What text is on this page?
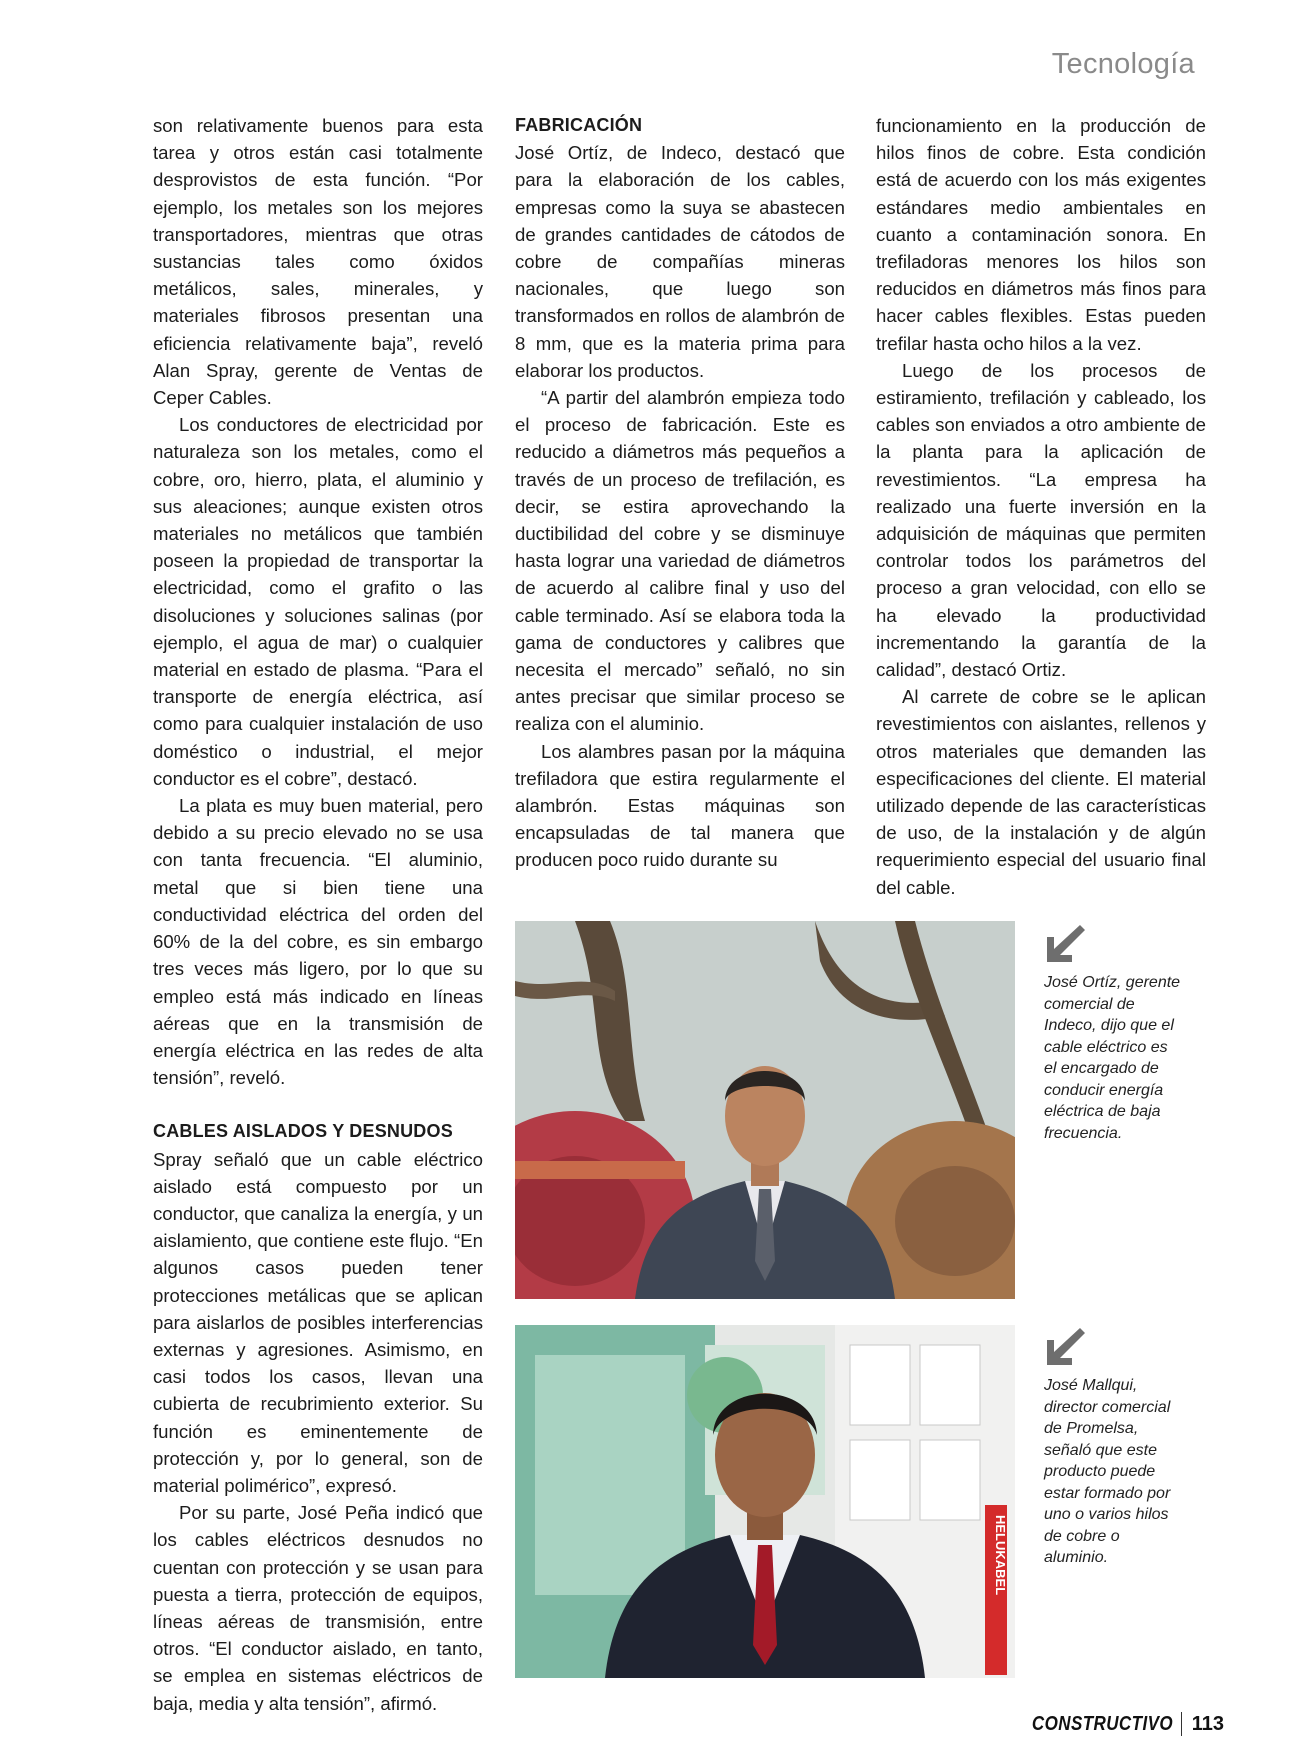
Tecnología

son relativamente buenos para esta tarea y otros están casi totalmente desprovistos de esta función. “Por ejemplo, los metales son los mejores transportadores, mientras que otras sustancias tales como óxidos metálicos, sales, minerales, y materiales fibrosos presentan una eficiencia relativamente baja”, reveló Alan Spray, gerente de Ventas de Ceper Cables.

Los conductores de electricidad por naturaleza son los metales, como el cobre, oro, hierro, plata, el aluminio y sus aleaciones; aunque existen otros materiales no metálicos que también poseen la propiedad de transportar la electricidad, como el grafito o las disoluciones y soluciones salinas (por ejemplo, el agua de mar) o cualquier material en estado de plasma. “Para el transporte de energía eléctrica, así como para cualquier instalación de uso doméstico o industrial, el mejor conductor es el cobre”, destacó.

La plata es muy buen material, pero debido a su precio elevado no se usa con tanta frecuencia. “El aluminio, metal que si bien tiene una conductividad eléctrica del orden del 60% de la del cobre, es sin embargo tres veces más ligero, por lo que su empleo está más indicado en líneas aéreas que en la transmisión de energía eléctrica en las redes de alta tensión”, reveló.

CABLES AISLADOS Y DESNUDOS

Spray señaló que un cable eléctrico aislado está compuesto por un conductor, que canaliza la energía, y un aislamiento, que contiene este flujo. “En algunos casos pueden tener protecciones metálicas que se aplican para aislarlos de posibles interferencias externas y agresiones. Asimismo, en casi todos los casos, llevan una cubierta de recubrimiento exterior. Su función es eminentemente de protección y, por lo general, son de material polimérico”, expresó.

Por su parte, José Peña indicó que los cables eléctricos desnudos no cuentan con protección y se usan para puesta a tierra, protección de equipos, líneas aéreas de transmisión, entre otros. “El conductor aislado, en tanto, se emplea en sistemas eléctricos de baja, media y alta tensión”, afirmó.

FABRICACIÓN

José Ortíz, de Indeco, destacó que para la elaboración de los cables, empresas como la suya se abastecen de grandes cantidades de cátodos de cobre de compañías mineras nacionales, que luego son transformados en rollos de alambrón de 8 mm, que es la materia prima para elaborar los productos.

“A partir del alambrón empieza todo el proceso de fabricación. Este es reducido a diámetros más pequeños a través de un proceso de trefilación, es decir, se estira aprovechando la ductibilidad del cobre y se disminuye hasta lograr una variedad de diámetros de acuerdo al calibre final y uso del cable terminado. Así se elabora toda la gama de conductores y calibres que necesita el mercado” señaló, no sin antes precisar que similar proceso se realiza con el aluminio.

Los alambres pasan por la máquina trefiladora que estira regularmente el alambrón. Estas máquinas son encapsuladas de tal manera que producen poco ruido durante su

funcionamiento en la producción de hilos finos de cobre. Esta condición está de acuerdo con los más exigentes estándares medio ambientales en cuanto a contaminación sonora. En trefiladoras menores los hilos son reducidos en diámetros más finos para hacer cables flexibles. Estas pueden trefilar hasta ocho hilos a la vez.

Luego de los procesos de estiramiento, trefilación y cableado, los cables son enviados a otro ambiente de la planta para la aplicación de revestimientos. “La empresa ha realizado una fuerte inversión en la adquisición de máquinas que permiten controlar todos los parámetros del proceso a gran velocidad, con ello se ha elevado la productividad incrementando la garantía de la calidad”, destacó Ortiz.

Al carrete de cobre se le aplican revestimientos con aislantes, rellenos y otros materiales que demanden las especificaciones del cliente. El material utilizado depende de las características de uso, de la instalación y de algún requerimiento especial del usuario final del cable.

HELUKABEL
José Ortíz, gerente comercial de Indeco, dijo que el cable eléctrico es el encargado de conducir energía eléctrica de baja frecuencia.
José Mallqui, director comercial de Promelsa, señaló que este producto puede estar formado por uno o varios hilos de cobre o aluminio.
CONSTRUCTIVO 113
